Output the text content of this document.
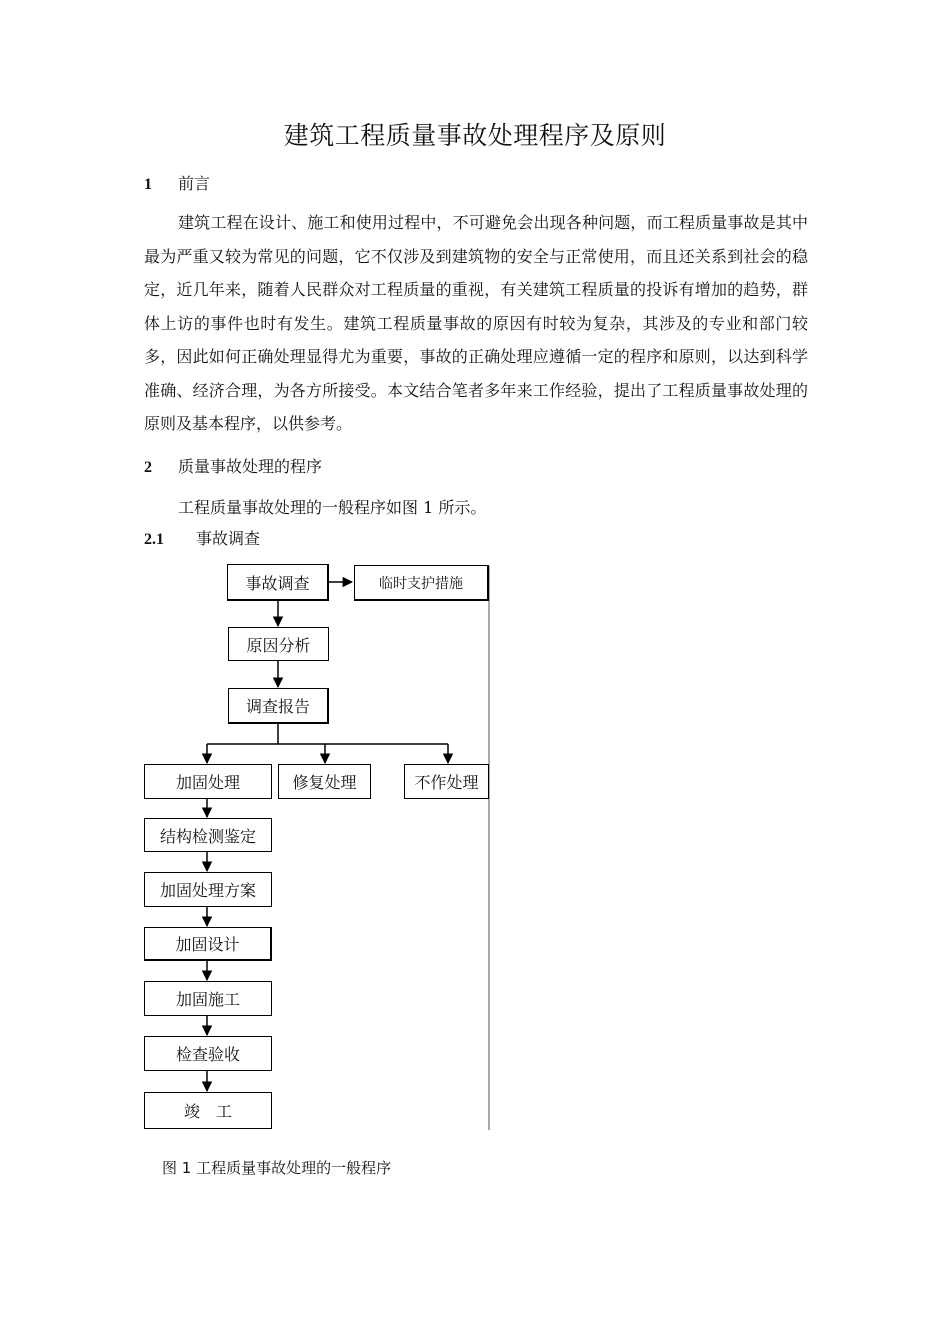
建筑工程质量事故处理程序及原则
1 前言

建筑工程在设计、施工和使用过程中，不可避免会出现各种问题，而工程质量事故是其中最为严重又较为常见的问题，它不仅涉及到建筑物的安全与正常使用，而且还关系到社会的稳定，近几年来，随着人民群众对工程质量的重视，有关建筑工程质量的投诉有增加的趋势，群体上访的事件也时有发生。建筑工程质量事故的原因有时较为复杂，其涉及的专业和部门较多，因此如何正确处理显得尤为重要，事故的正确处理应遵循一定的程序和原则，以达到科学准确、经济合理，为各方所接受。本文结合笔者多年来工作经验，提出了工程质量事故处理的原则及基本程序，以供参考。

2 质量事故处理的程序

工程质量事故处理的一般程序如图 1 所示。

2.1 事故调查
事故调查	临时支护措施
原因分析
调查报告
加固处理	修复处理	不作处理
结构检测鉴定
加固处理方案
加固设计
加固施工
检查验收
竣　工
图 1 工程质量事故处理的一般程序
